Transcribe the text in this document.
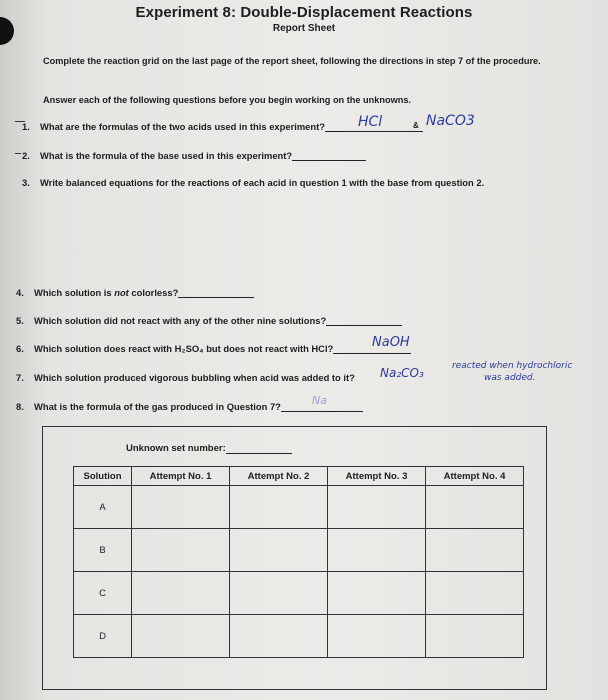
Experiment 8: Double-Displacement Reactions
Report Sheet
Complete the reaction grid on the last page of the report sheet, following the directions in step 7 of the procedure.
Answer each of the following questions before you begin working on the unknowns.
1. What are the formulas of the two acids used in this experiment?	HCl	& NaCO3
2. What is the formula of the base used in this experiment?
3. Write balanced equations for the reactions of each acid in question 1 with the base from question 2.
4. Which solution is not colorless?
5. Which solution did not react with any of the other nine solutions?
6. Which solution does react with H₂SO₄ but does not react with HCl?	NaOH
7. Which solution produced vigorous bubbling when acid was added to it? Na₂CO₃	reacted when hydrochloric
was added.
8. What is the formula of the gas produced in Question 7?	Na
Unknown set number:
Solution	Attempt No. 1	Attempt No. 2	Attempt No. 3	Attempt No. 4
A				
B				
C				
D				
